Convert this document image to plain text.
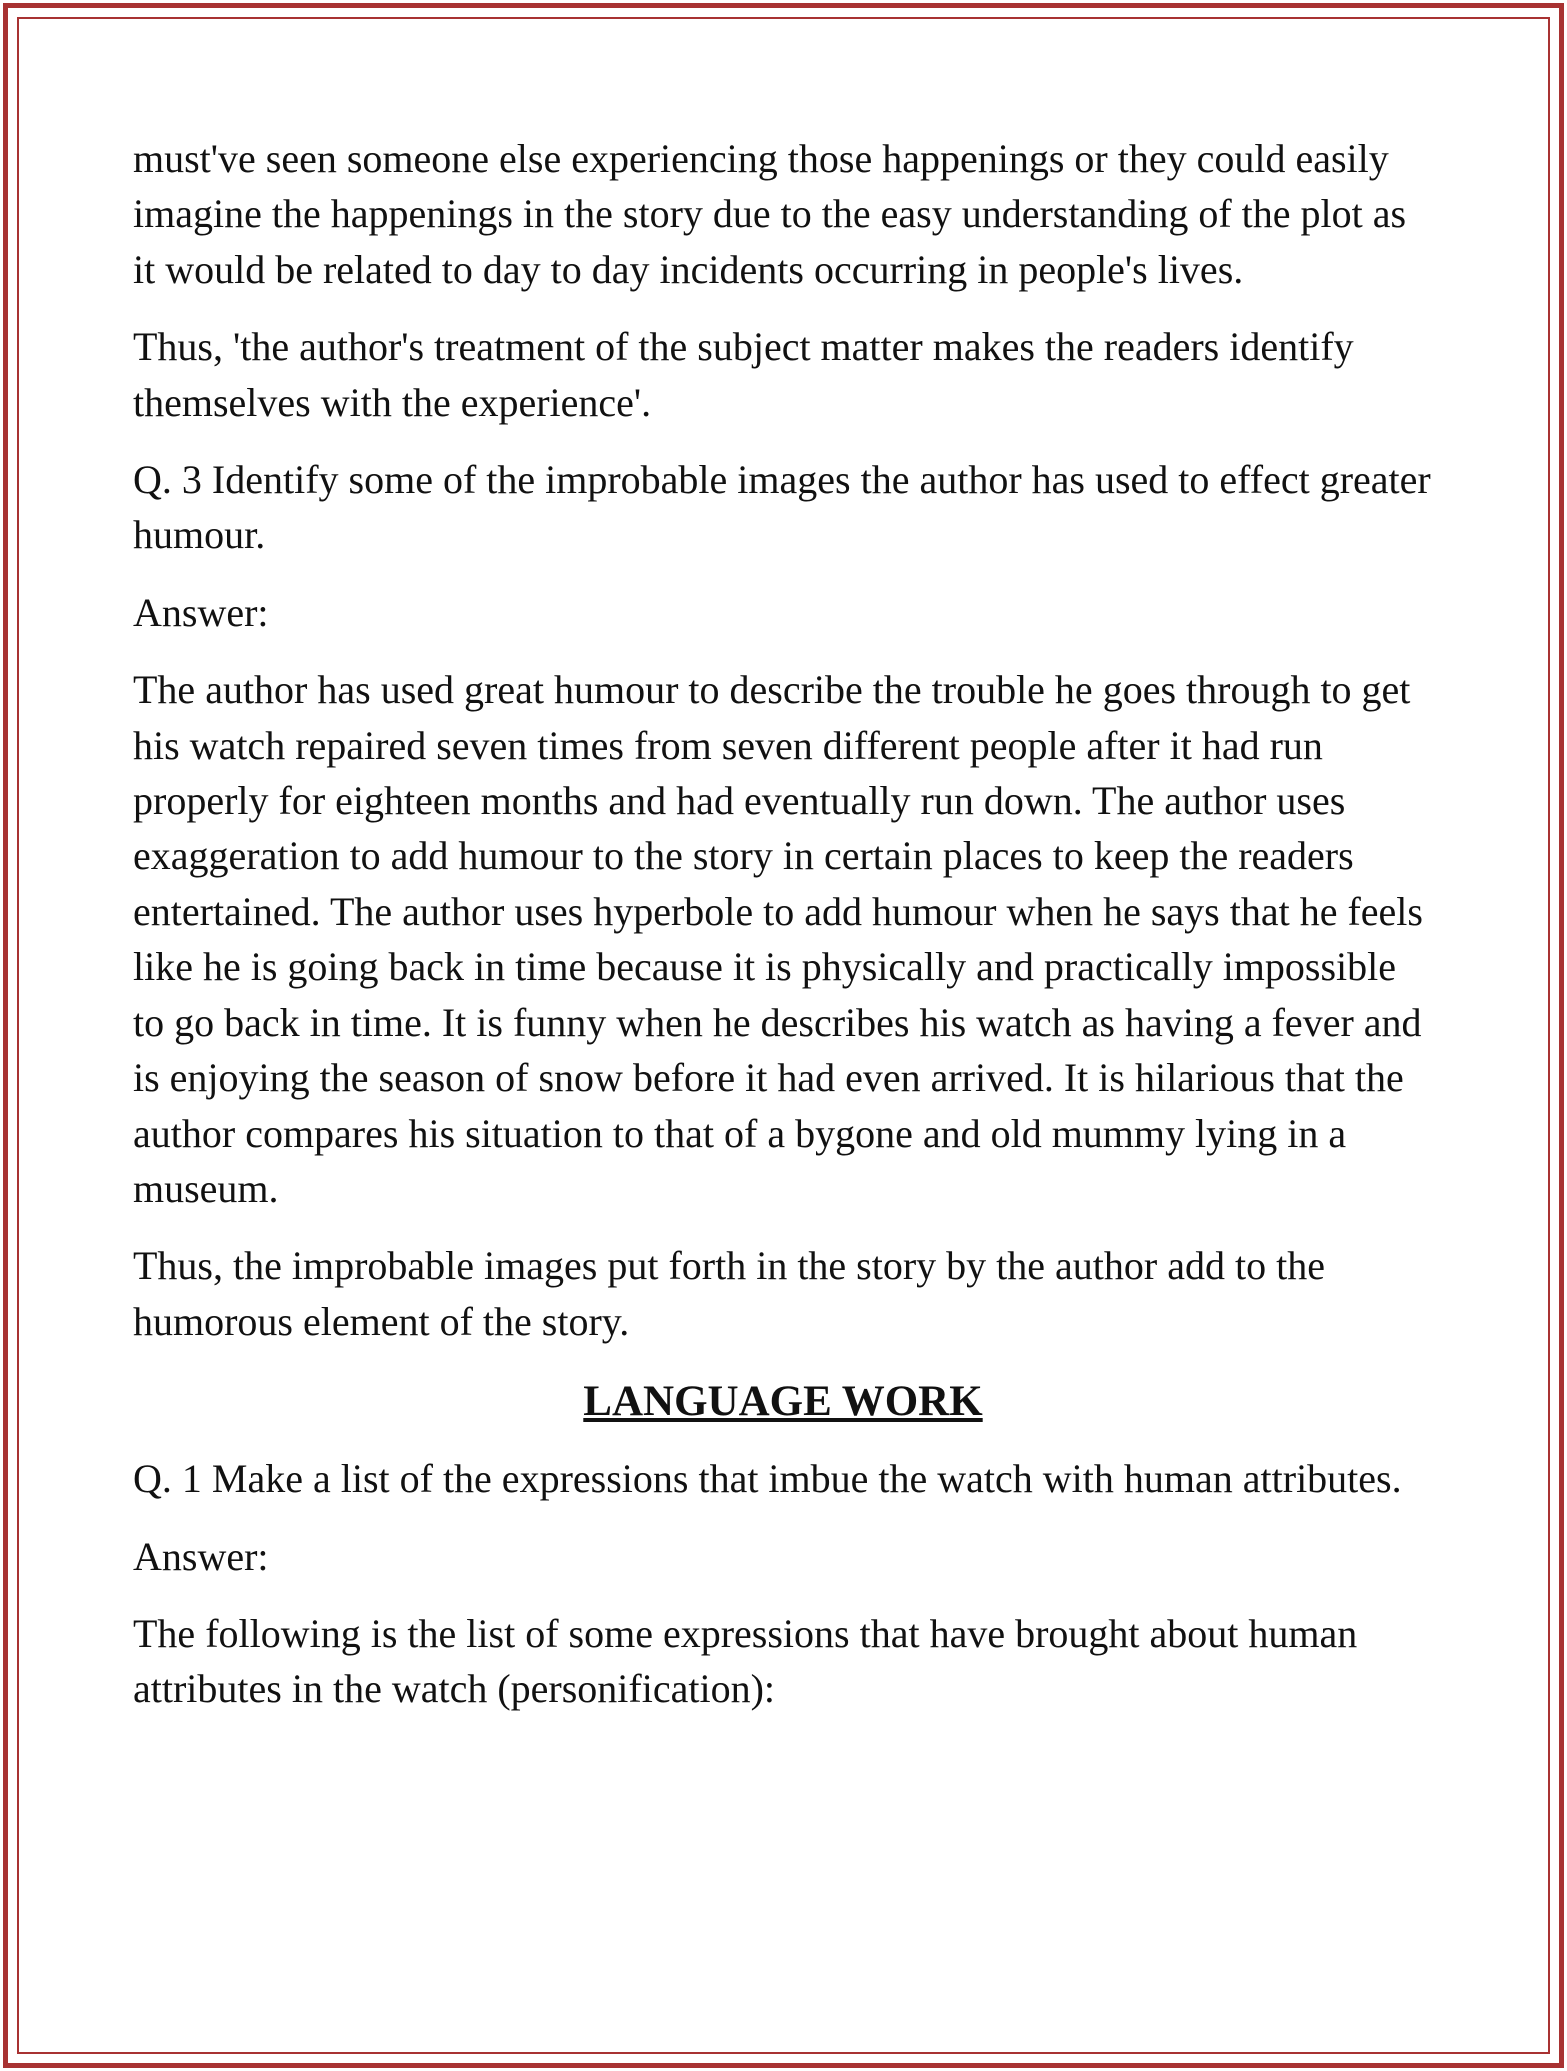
must've seen someone else experiencing those happenings or they could easily imagine the happenings in the story due to the easy understanding of the plot as it would be related to day to day incidents occurring in people's lives.

Thus, 'the author's treatment of the subject matter makes the readers identify themselves with the experience'.

Q. 3 Identify some of the improbable images the author has used to effect greater humour.

Answer:

The author has used great humour to describe the trouble he goes through to get his watch repaired seven times from seven different people after it had run properly for eighteen months and had eventually run down. The author uses exaggeration to add humour to the story in certain places to keep the readers entertained. The author uses hyperbole to add humour when he says that he feels like he is going back in time because it is physically and practically impossible to go back in time. It is funny when he describes his watch as having a fever and is enjoying the season of snow before it had even arrived. It is hilarious that the author compares his situation to that of a bygone and old mummy lying in a museum.

Thus, the improbable images put forth in the story by the author add to the humorous element of the story.

LANGUAGE WORK

Q. 1 Make a list of the expressions that imbue the watch with human attributes.

Answer:

The following is the list of some expressions that have brought about human attributes in the watch (personification):
